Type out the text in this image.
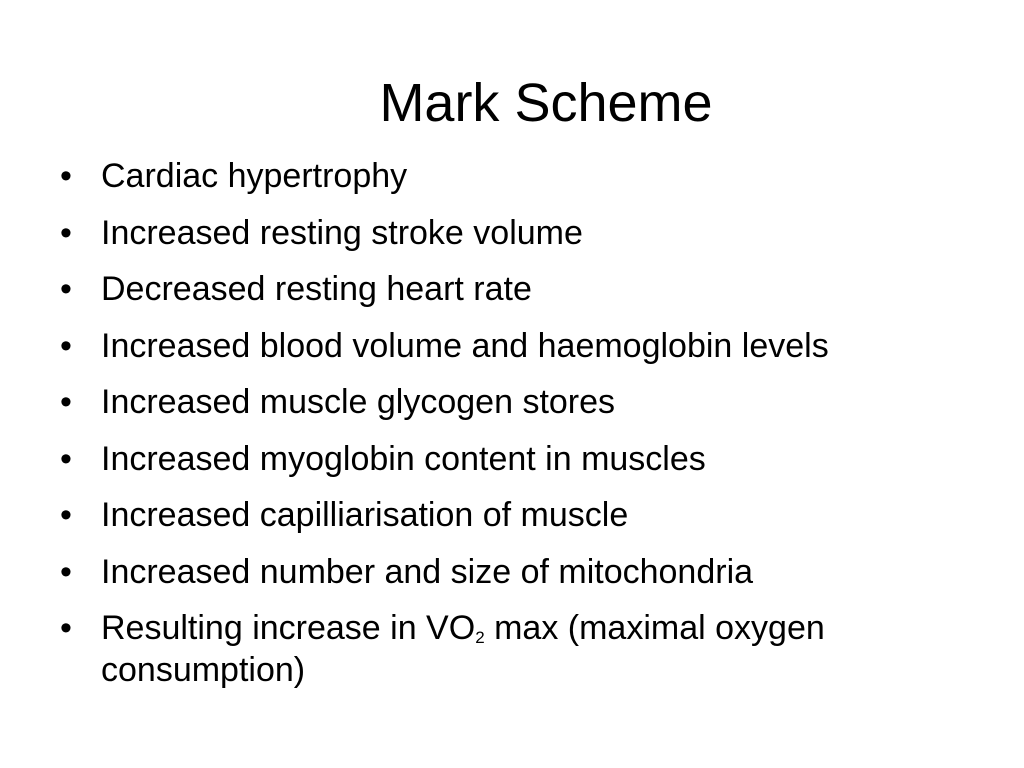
Mark Scheme
• Cardiac hypertrophy
• Increased resting stroke volume
• Decreased resting heart rate
• Increased blood volume and haemoglobin levels
• Increased muscle glycogen stores
• Increased myoglobin content in muscles
• Increased capilliarisation of muscle
• Increased number and size of mitochondria
• Resulting increase in $VO_2$ max (maximal oxygen consumption)
